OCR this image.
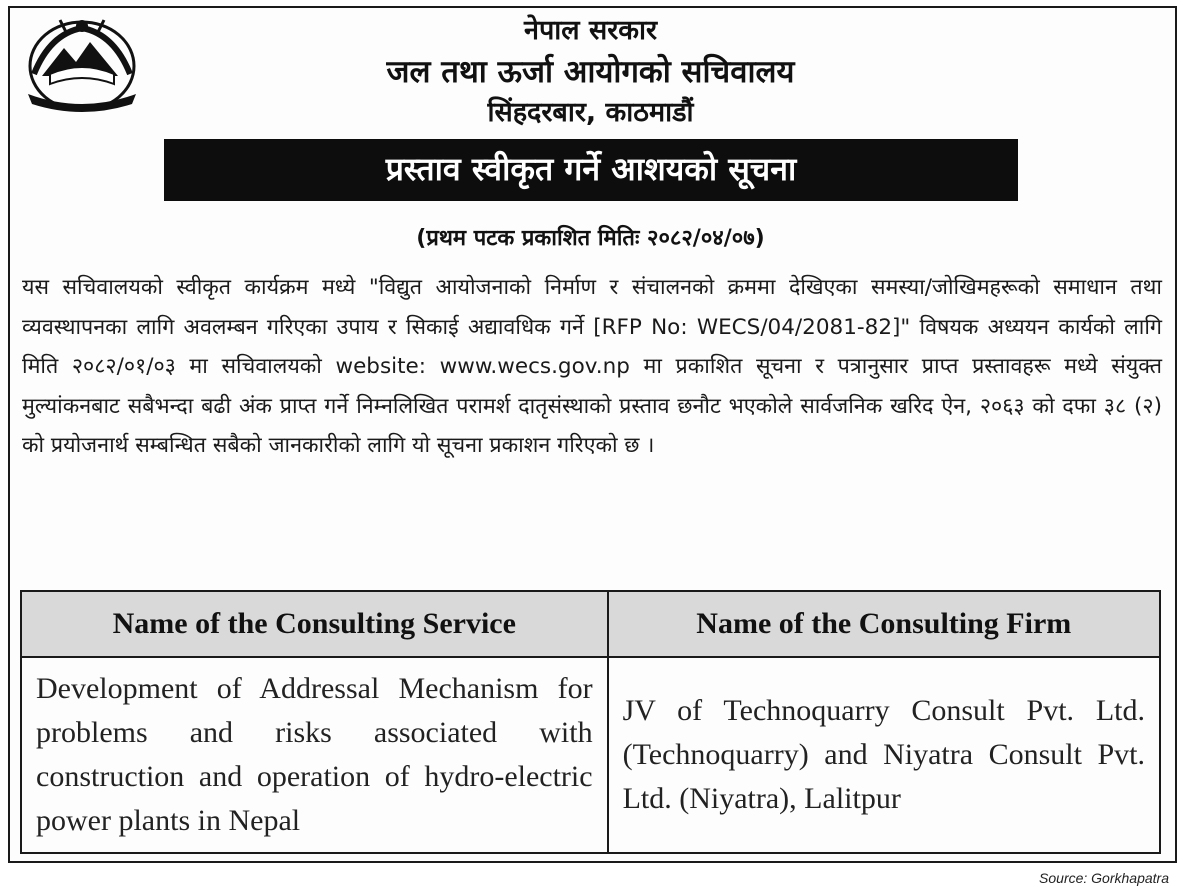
नेपाल सरकार
जल तथा ऊर्जा आयोगको सचिवालय
सिंहदरबार, काठमाडौं
प्रस्ताव स्वीकृत गर्ने आशयको सूचना
(प्रथम पटक प्रकाशित मितिः २०८२/०४/०७)
यस सचिवालयको स्वीकृत कार्यक्रम मध्ये "विद्युत आयोजनाको निर्माण र संचालनको क्रममा देखिएका समस्या/जोखिमहरूको समाधान तथा व्यवस्थापनका लागि अवलम्बन गरिएका उपाय र सिकाई अद्यावधिक गर्ने [RFP No: WECS/04/2081-82]" विषयक अध्ययन कार्यको लागि मिति २०८२/०१/०३ मा सचिवालयको website: www.wecs.gov.np मा प्रकाशित सूचना र पत्रानुसार प्राप्त प्रस्तावहरू मध्ये संयुक्त मुल्यांकनबाट सबैभन्दा बढी अंक प्राप्त गर्ने निम्नलिखित परामर्श दातृसंस्थाको प्रस्ताव छनौट भएकोले सार्वजनिक खरिद ऐन, २०६३ को दफा ३८ (२) को प्रयोजनार्थ सम्बन्धित सबैको जानकारीको लागि यो सूचना प्रकाशन गरिएको छ ।
Name of the Consulting Service	Name of the Consulting Firm
Development of Addressal Mechanism for problems and risks associated with construction and operation of hydro-electric power plants in Nepal	JV of Technoquarry Consult Pvt. Ltd. (Technoquarry) and Niyatra Consult Pvt. Ltd. (Niyatra), Lalitpur
Source: Gorkhapatra
